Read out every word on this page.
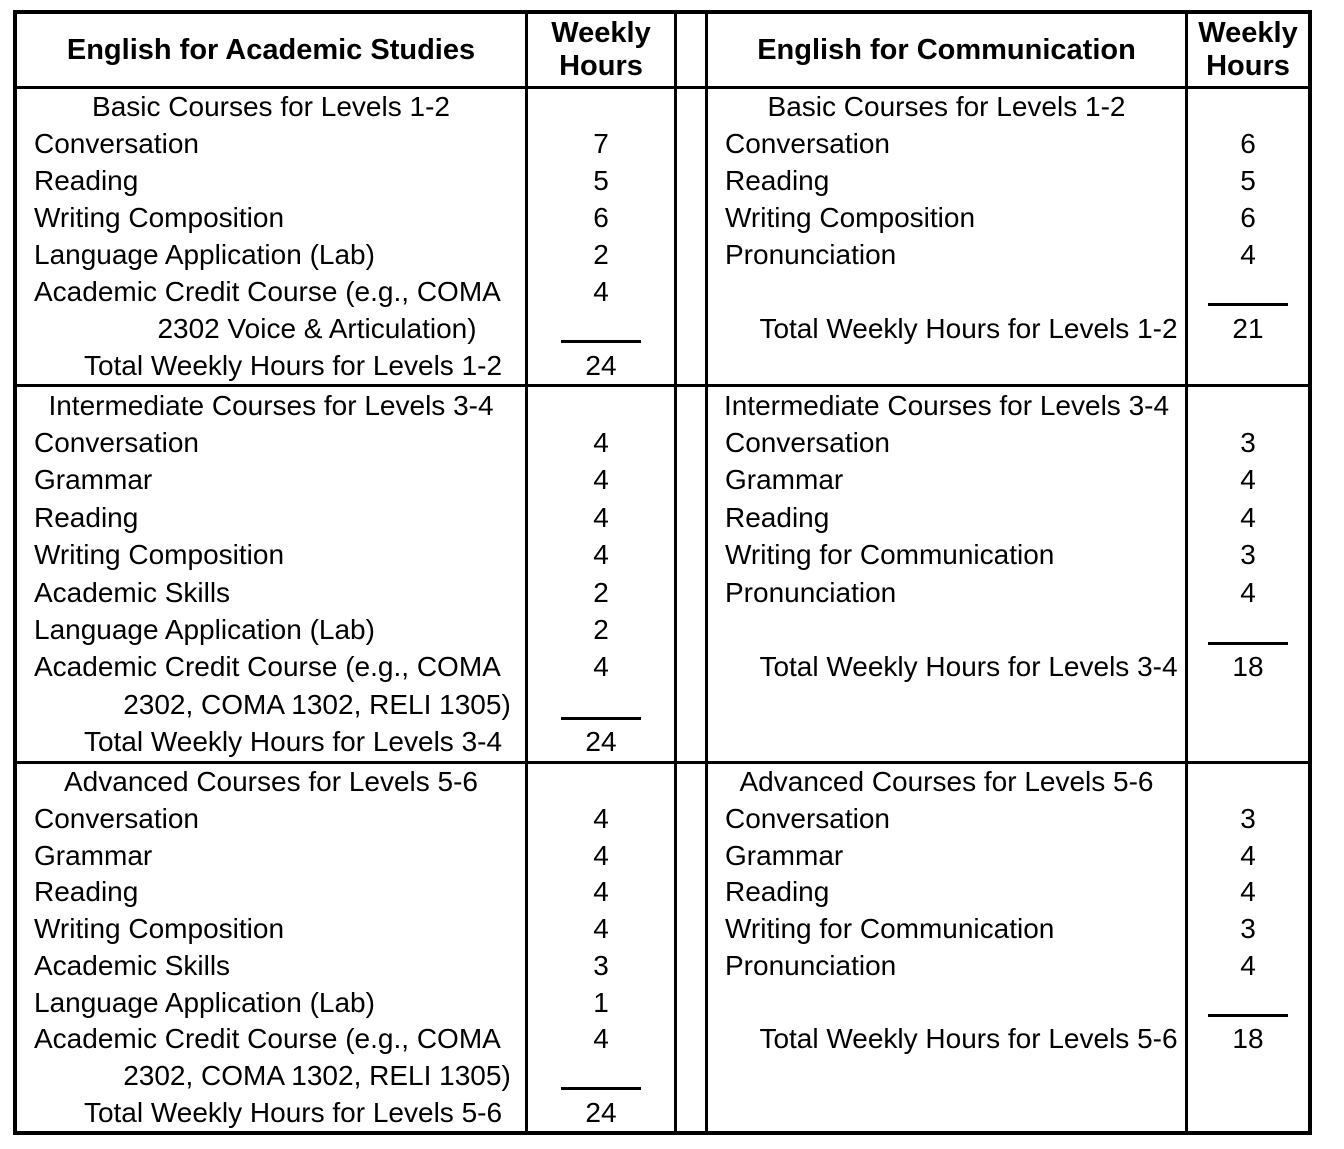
English for Academic Studies
Weekly
Hours
English for Communication
Weekly
Hours
Basic Courses for Levels 1-2
Conversation
Reading
Writing Composition
Language Application (Lab)
Academic Credit Course (e.g., COMA
2302 Voice & Articulation)
Total Weekly Hours for Levels 1-2
7
5
6
2
4
24
Basic Courses for Levels 1-2
Conversation
Reading
Writing Composition
Pronunciation
Total Weekly Hours for Levels 1-2
6
5
6
4
21
Intermediate Courses for Levels 3-4
Conversation
Grammar
Reading
Writing Composition
Academic Skills
Language Application (Lab)
Academic Credit Course (e.g., COMA
2302, COMA 1302, RELI 1305)
Total Weekly Hours for Levels 3-4
4
4
4
4
2
2
4
24
Intermediate Courses for Levels 3-4
Conversation
Grammar
Reading
Writing for Communication
Pronunciation
Total Weekly Hours for Levels 3-4
3
4
4
3
4
18
Advanced Courses for Levels 5-6
Conversation
Grammar
Reading
Writing Composition
Academic Skills
Language Application (Lab)
Academic Credit Course (e.g., COMA
2302, COMA 1302, RELI 1305)
Total Weekly Hours for Levels 5-6
4
4
4
4
3
1
4
24
Advanced Courses for Levels 5-6
Conversation
Grammar
Reading
Writing for Communication
Pronunciation
Total Weekly Hours for Levels 5-6
3
4
4
3
4
18
